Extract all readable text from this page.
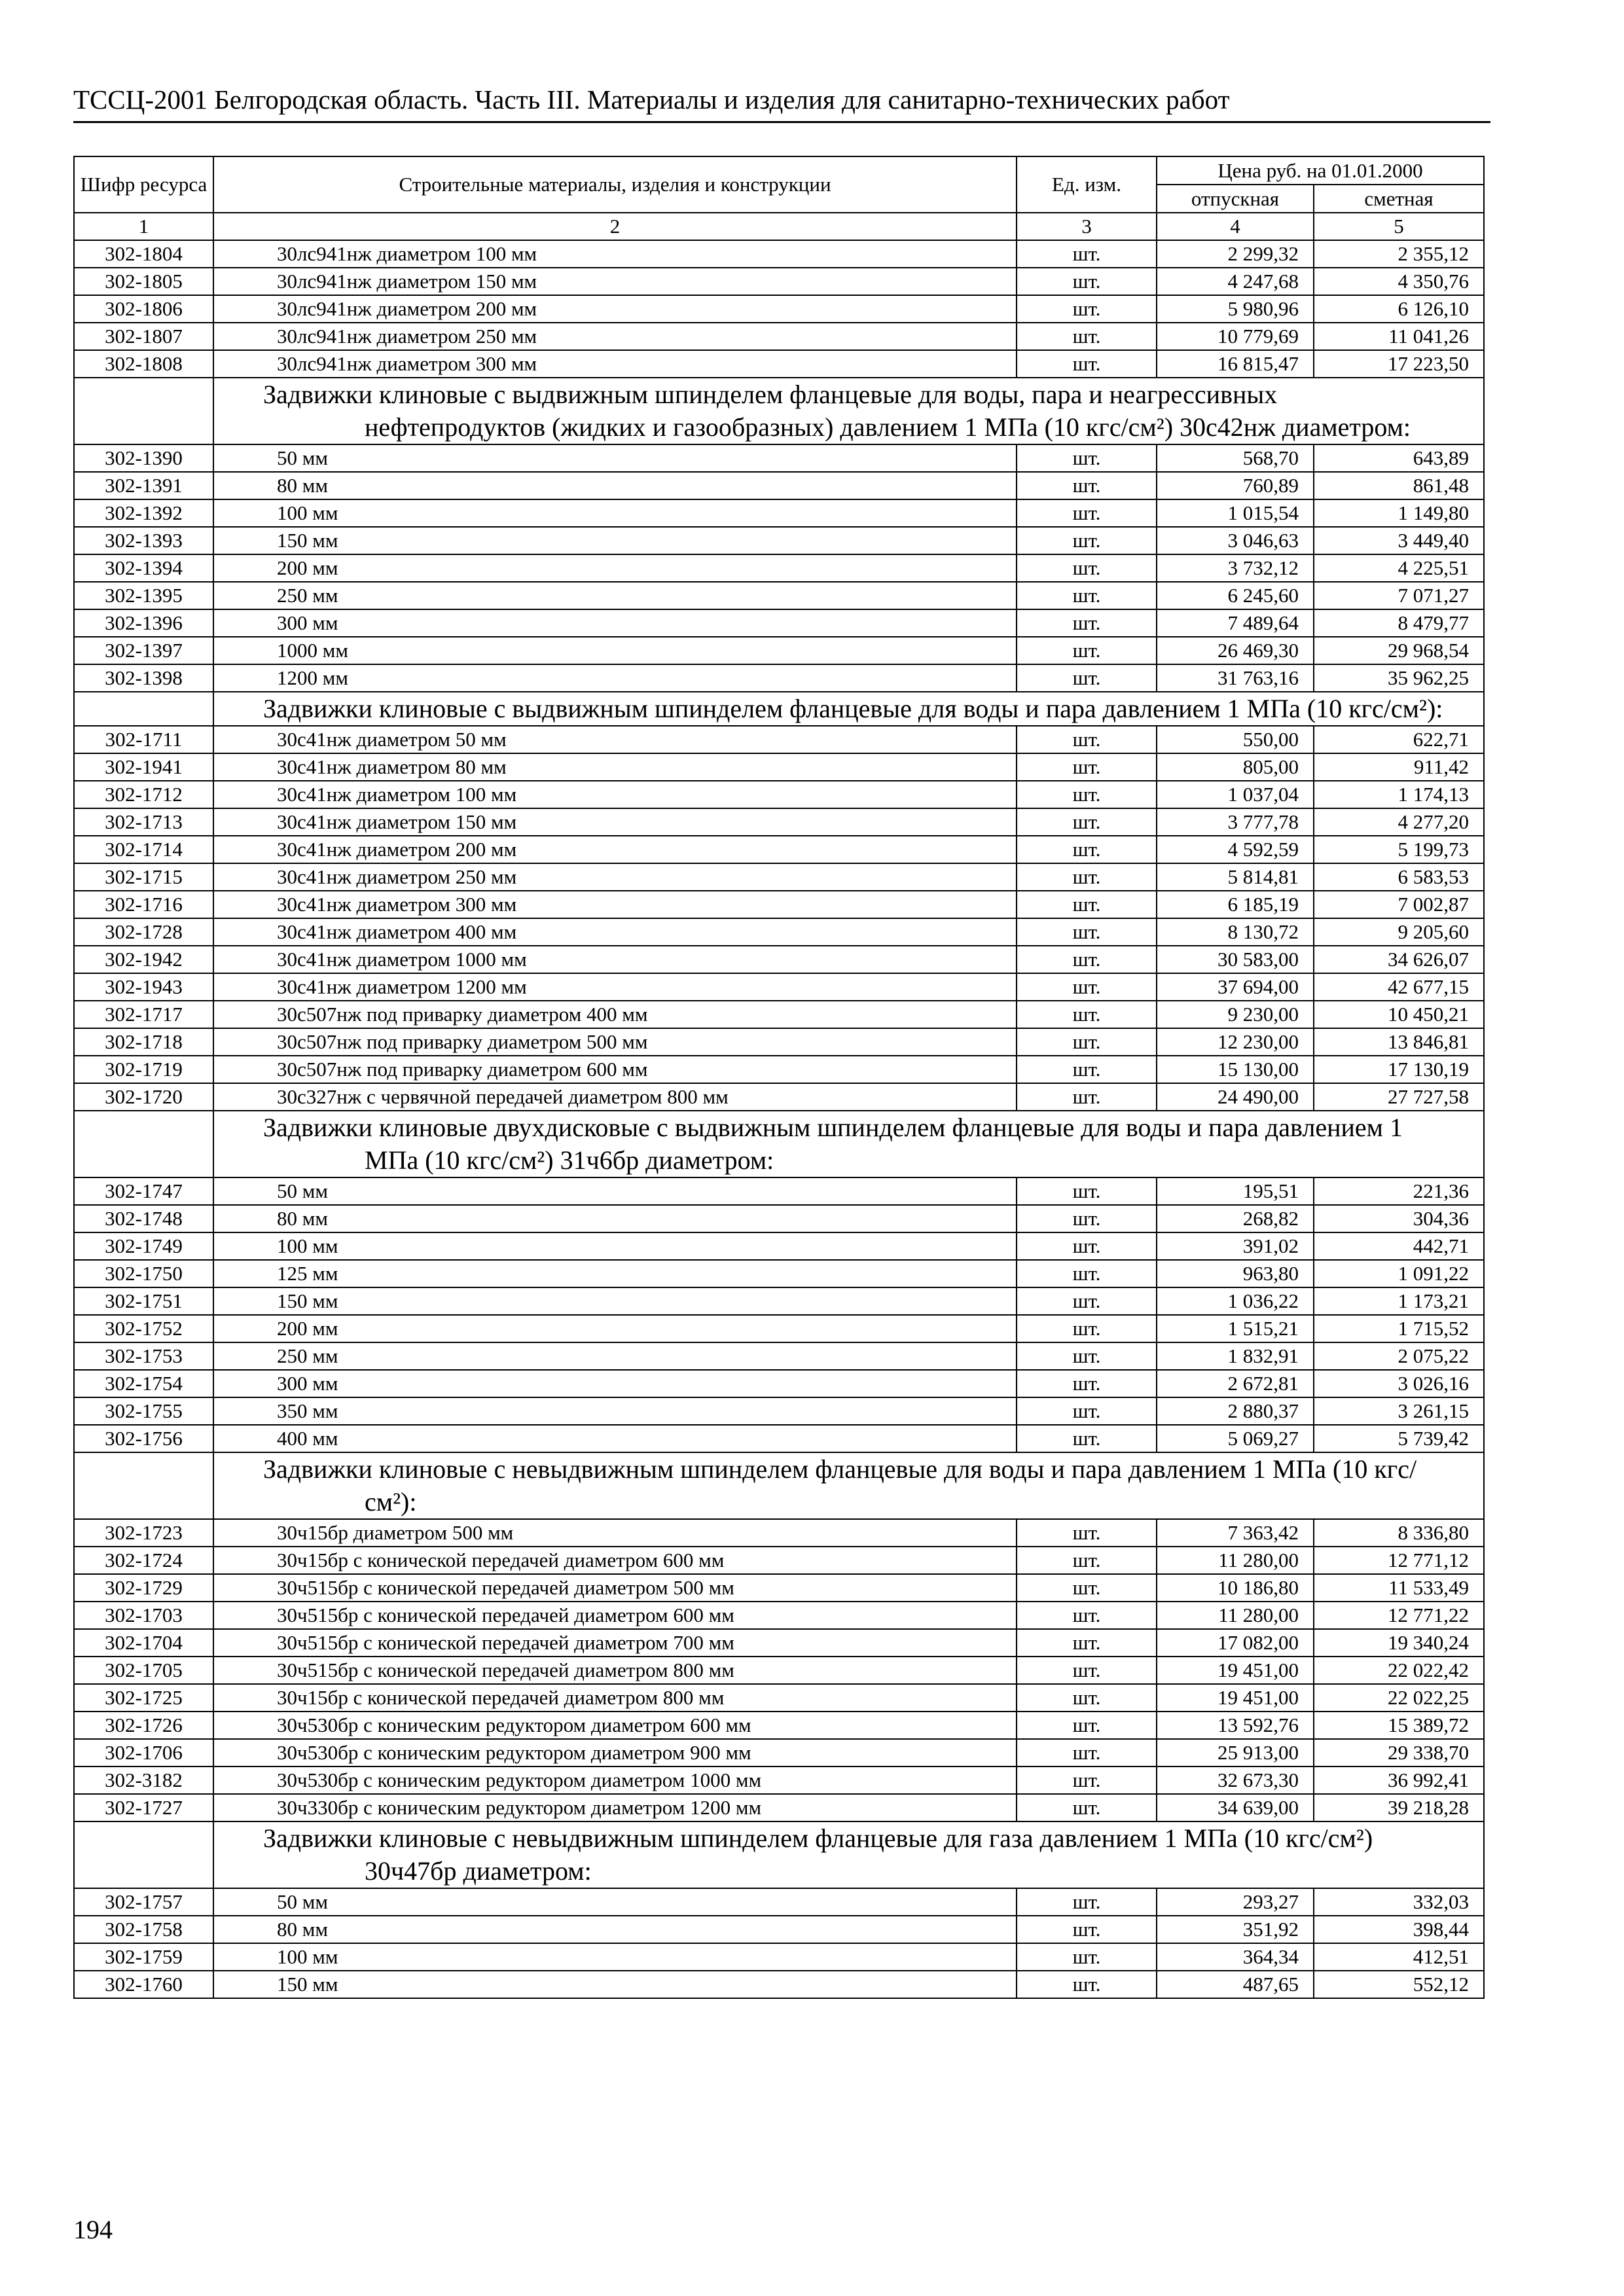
ТССЦ-2001 Белгородская область. Часть III. Материалы и изделия для санитарно-технических работ
Шифр ресурса	Строительные материалы, изделия и конструкции	Ед. изм.	Цена руб. на 01.01.2000	
			отпускная	сметная
1	2	3	4	5
302-1804	30лс941нж диаметром 100 мм	шт.	2 299,32	2 355,12
302-1805	30лс941нж диаметром 150 мм	шт.	4 247,68	4 350,76
302-1806	30лс941нж диаметром 200 мм	шт.	5 980,96	6 126,10
302-1807	30лс941нж диаметром 250 мм	шт.	10 779,69	11 041,26
302-1808	30лс941нж диаметром 300 мм	шт.	16 815,47	17 223,50
	Задвижки клиновые с выдвижным шпинделем фланцевые для воды, пара и неагрессивных нефтепродуктов (жидких и газообразных) давлением 1 МПа (10 кгс/см²) 30с42нж диаметром:			
302-1390	50 мм	шт.	568,70	643,89
302-1391	80 мм	шт.	760,89	861,48
302-1392	100 мм	шт.	1 015,54	1 149,80
302-1393	150 мм	шт.	3 046,63	3 449,40
302-1394	200 мм	шт.	3 732,12	4 225,51
302-1395	250 мм	шт.	6 245,60	7 071,27
302-1396	300 мм	шт.	7 489,64	8 479,77
302-1397	1000 мм	шт.	26 469,30	29 968,54
302-1398	1200 мм	шт.	31 763,16	35 962,25
	Задвижки клиновые с выдвижным шпинделем фланцевые для воды и пара давлением 1 МПа (10 кгс/см²):			
302-1711	30с41нж диаметром 50 мм	шт.	550,00	622,71
302-1941	30с41нж диаметром 80 мм	шт.	805,00	911,42
302-1712	30с41нж диаметром 100 мм	шт.	1 037,04	1 174,13
302-1713	30с41нж диаметром 150 мм	шт.	3 777,78	4 277,20
302-1714	30с41нж диаметром 200 мм	шт.	4 592,59	5 199,73
302-1715	30с41нж диаметром 250 мм	шт.	5 814,81	6 583,53
302-1716	30с41нж диаметром 300 мм	шт.	6 185,19	7 002,87
302-1728	30с41нж диаметром 400 мм	шт.	8 130,72	9 205,60
302-1942	30с41нж диаметром 1000 мм	шт.	30 583,00	34 626,07
302-1943	30с41нж диаметром 1200 мм	шт.	37 694,00	42 677,15
302-1717	30с507нж под приварку диаметром 400 мм	шт.	9 230,00	10 450,21
302-1718	30с507нж под приварку диаметром 500 мм	шт.	12 230,00	13 846,81
302-1719	30с507нж под приварку диаметром 600 мм	шт.	15 130,00	17 130,19
302-1720	30с327нж с червячной передачей диаметром 800 мм	шт.	24 490,00	27 727,58
	Задвижки клиновые двухдисковые с выдвижным шпинделем фланцевые для воды и пара давлением 1 МПа (10 кгс/см²) 31ч6бр диаметром:			
302-1747	50 мм	шт.	195,51	221,36
302-1748	80 мм	шт.	268,82	304,36
302-1749	100 мм	шт.	391,02	442,71
302-1750	125 мм	шт.	963,80	1 091,22
302-1751	150 мм	шт.	1 036,22	1 173,21
302-1752	200 мм	шт.	1 515,21	1 715,52
302-1753	250 мм	шт.	1 832,91	2 075,22
302-1754	300 мм	шт.	2 672,81	3 026,16
302-1755	350 мм	шт.	2 880,37	3 261,15
302-1756	400 мм	шт.	5 069,27	5 739,42
	Задвижки клиновые с невыдвижным шпинделем фланцевые для воды и пара давлением 1 МПа (10 кгс/см²):			
302-1723	30ч15бр диаметром 500 мм	шт.	7 363,42	8 336,80
302-1724	30ч15бр с конической передачей диаметром 600 мм	шт.	11 280,00	12 771,12
302-1729	30ч515бр с конической передачей диаметром 500 мм	шт.	10 186,80	11 533,49
302-1703	30ч515бр с конической передачей диаметром 600 мм	шт.	11 280,00	12 771,22
302-1704	30ч515бр с конической передачей диаметром 700 мм	шт.	17 082,00	19 340,24
302-1705	30ч515бр с конической передачей диаметром 800 мм	шт.	19 451,00	22 022,42
302-1725	30ч15бр с конической передачей диаметром 800 мм	шт.	19 451,00	22 022,25
302-1726	30ч530бр с коническим редуктором диаметром 600 мм	шт.	13 592,76	15 389,72
302-1706	30ч530бр с коническим редуктором диаметром 900 мм	шт.	25 913,00	29 338,70
302-3182	30ч530бр с коническим редуктором диаметром 1000 мм	шт.	32 673,30	36 992,41
302-1727	30ч330бр с коническим редуктором диаметром 1200 мм	шт.	34 639,00	39 218,28
	Задвижки клиновые с невыдвижным шпинделем фланцевые для газа давлением 1 МПа (10 кгс/см²) 30ч47бр диаметром:			
302-1757	50 мм	шт.	293,27	332,03
302-1758	80 мм	шт.	351,92	398,44
302-1759	100 мм	шт.	364,34	412,51
302-1760	150 мм	шт.	487,65	552,12
194
